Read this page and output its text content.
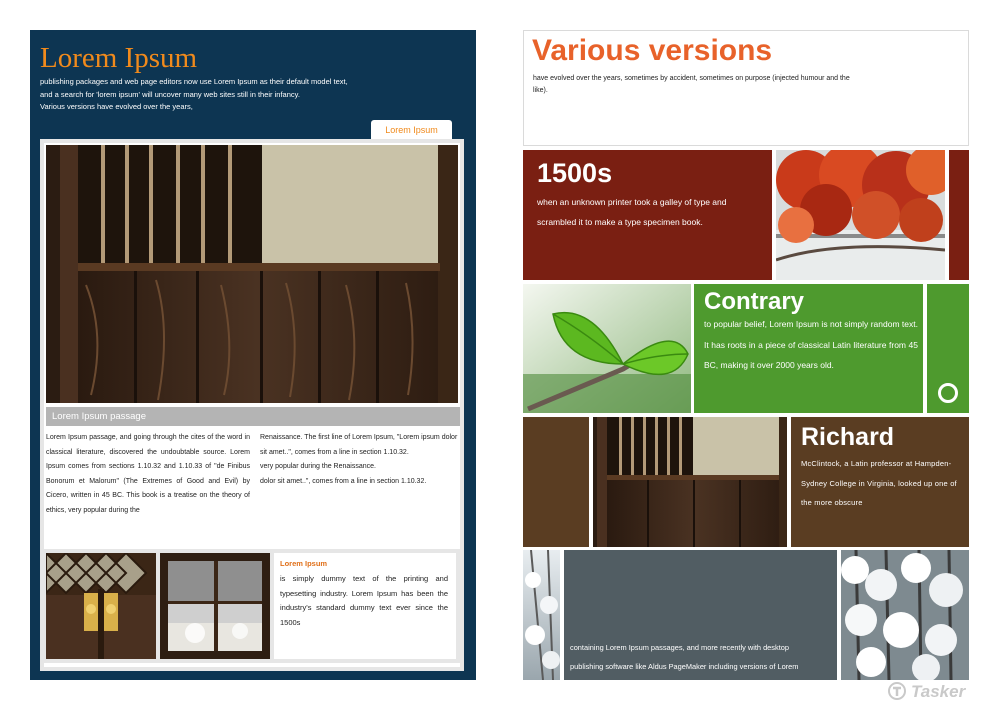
Lorem Ipsum
publishing packages and web page editors now use Lorem Ipsum as their default model text,
and a search for 'lorem ipsum' will uncover many web sites still in their infancy.
Various versions have evolved over the years,
Lorem Ipsum
Lorem Ipsum passage
Lorem Ipsum passage, and going through the cites of the word in classical literature, discovered the undoubtable source. Lorem Ipsum comes from sections 1.10.32 and 1.10.33 of "de Finibus Bonorum et Malorum" (The Extremes of Good and Evil) by Cicero, written in 45 BC. This book is a treatise on the theory of ethics, very popular during the

Renaissance. The first line of Lorem Ipsum, "Lorem ipsum dolor sit amet..", comes from a line in section 1.10.32.

very popular during the Renaissance.

dolor sit amet..", comes from a line in section 1.10.32.

Lorem Ipsum
is simply dummy text of the printing and typesetting industry. Lorem Ipsum has been the industry's standard dummy text ever since the 1500s
Various versions
have evolved over the years, sometimes by accident, sometimes on purpose (injected humour and the like).
1500s
when an unknown printer took a galley of type and scrambled it to make a type specimen book.
Contrary
to popular belief, Lorem Ipsum is not simply random text. It has roots in a piece of classical Latin literature from 45 BC, making it over 2000 years old.
Richard
McClintock, a Latin professor at Hampden-Sydney College in Virginia, looked up one of the more obscure
containing Lorem Ipsum passages, and more recently with desktop
publishing software like Aldus PageMaker including versions of Lorem
Tasker
